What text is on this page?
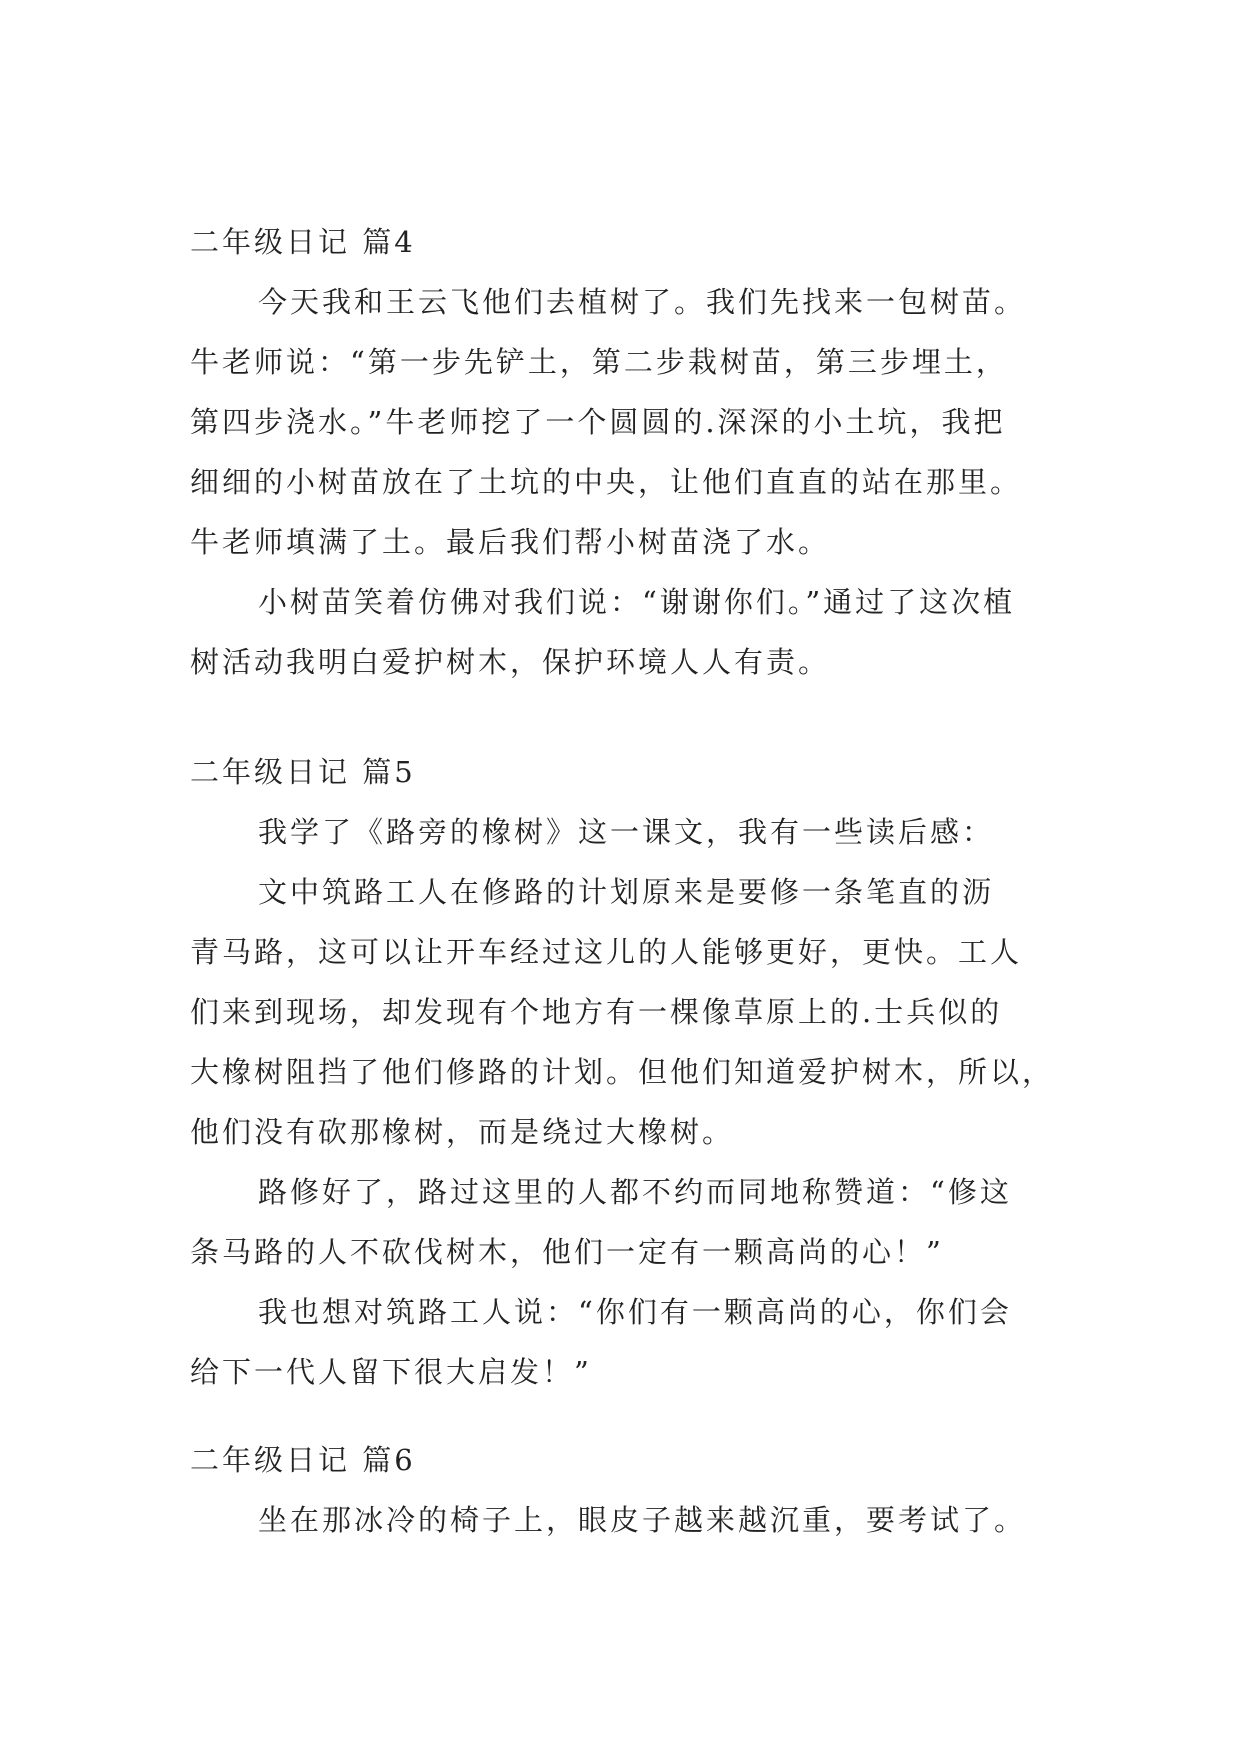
二年级日记 篇4

今天我和王云飞他们去植树了。我们先找来一包树苗。
牛老师说：“第一步先铲土，第二步栽树苗，第三步埋土，
第四步浇水。”牛老师挖了一个圆圆的.深深的小土坑，我把
细细的小树苗放在了土坑的中央，让他们直直的站在那里。
牛老师填满了土。最后我们帮小树苗浇了水。

小树苗笑着仿佛对我们说：“谢谢你们。”通过了这次植
树活动我明白爱护树木，保护环境人人有责。

二年级日记 篇5

我学了《路旁的橡树》这一课文，我有一些读后感：

文中筑路工人在修路的计划原来是要修一条笔直的沥
青马路，这可以让开车经过这儿的人能够更好，更快。工人
们来到现场，却发现有个地方有一棵像草原上的.士兵似的
大橡树阻挡了他们修路的计划。但他们知道爱护树木，所以，
他们没有砍那橡树，而是绕过大橡树。

路修好了，路过这里的人都不约而同地称赞道：“修这
条马路的人不砍伐树木，他们一定有一颗高尚的心！”

我也想对筑路工人说：“你们有一颗高尚的心，你们会
给下一代人留下很大启发！”

二年级日记 篇6

坐在那冰冷的椅子上，眼皮子越来越沉重，要考试了。
